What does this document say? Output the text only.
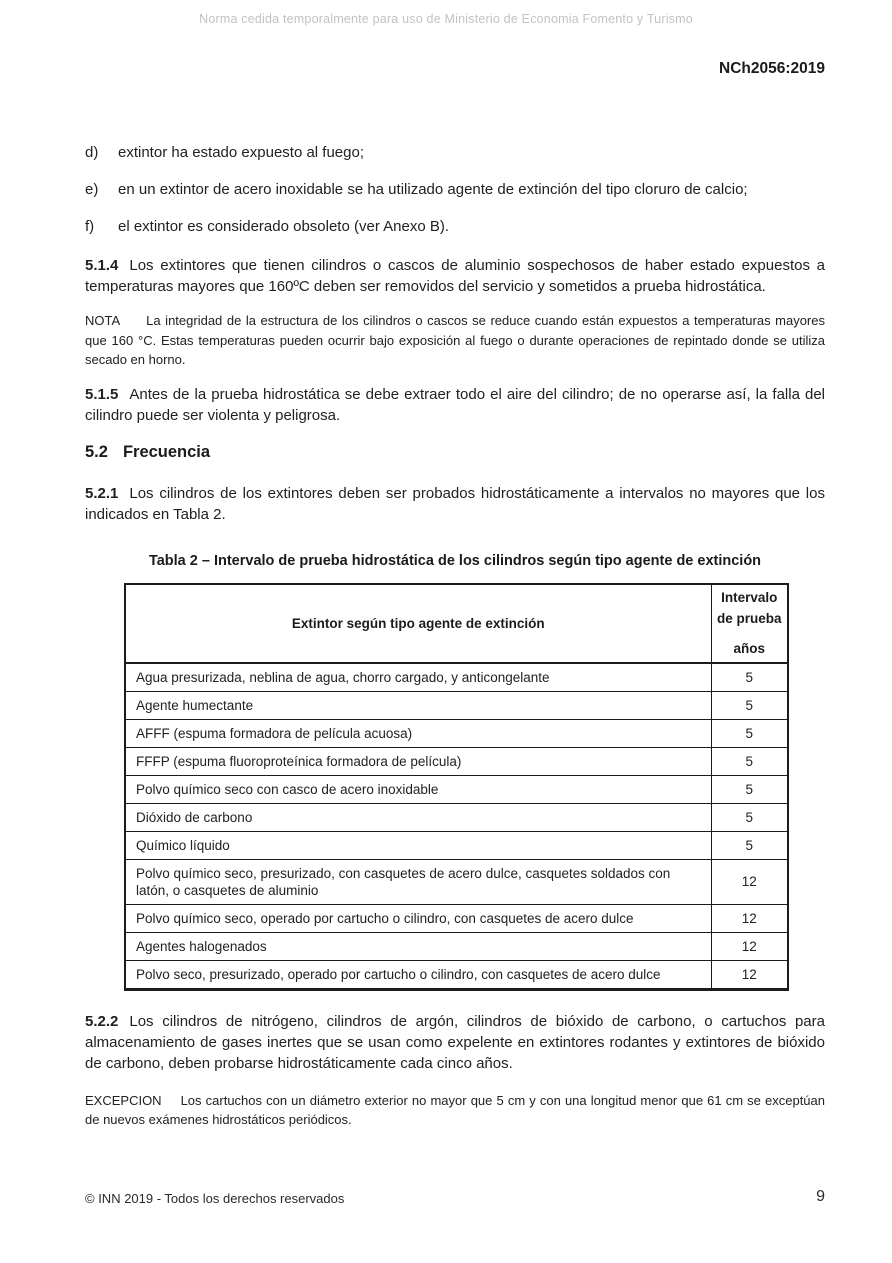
Norma cedida temporalmente para uso de Ministerio de Economia Fomento y Turismo
NCh2056:2019
d)	extintor ha estado expuesto al fuego;
e)	en un extintor de acero inoxidable se ha utilizado agente de extinción del tipo cloruro de calcio;
f)	el extintor es considerado obsoleto (ver Anexo B).

5.1.4 Los extintores que tienen cilindros o cascos de aluminio sospechosos de haber estado expuestos a temperaturas mayores que 160ºC deben ser removidos del servicio y sometidos a prueba hidrostática.

NOTA La integridad de la estructura de los cilindros o cascos se reduce cuando están expuestos a temperaturas mayores que 160 °C. Estas temperaturas pueden ocurrir bajo exposición al fuego o durante operaciones de repintado donde se utiliza secado en horno.

5.1.5 Antes de la prueba hidrostática se debe extraer todo el aire del cilindro; de no operarse así, la falla del cilindro puede ser violenta y peligrosa.

5.2 Frecuencia

5.2.1 Los cilindros de los extintores deben ser probados hidrostáticamente a intervalos no mayores que los indicados en Tabla 2.

Tabla 2 – Intervalo de prueba hidrostática de los cilindros según tipo agente de extinción
Extintor según tipo agente de extinción	Intervalo de prueba
años

Agua presurizada, neblina de agua, chorro cargado, y anticongelante	5
Agente humectante	5
AFFF (espuma formadora de película acuosa)	5
FFFP (espuma fluoroproteínica formadora de película)	5
Polvo químico seco con casco de acero inoxidable	5
Dióxido de carbono	5
Químico líquido	5
Polvo químico seco, presurizado, con casquetes de acero dulce, casquetes soldados con latón, o casquetes de aluminio	12
Polvo químico seco, operado por cartucho o cilindro, con casquetes de acero dulce	12
Agentes halogenados	12
Polvo seco, presurizado, operado por cartucho o cilindro, con casquetes de acero dulce	12

5.2.2 Los cilindros de nitrógeno, cilindros de argón, cilindros de bióxido de carbono, o cartuchos para almacenamiento de gases inertes que se usan como expelente en extintores rodantes y extintores de bióxido de carbono, deben probarse hidrostáticamente cada cinco años.

EXCEPCION Los cartuchos con un diámetro exterior no mayor que 5 cm y con una longitud menor que 61 cm se exceptúan de nuevos exámenes hidrostáticos periódicos.

© INN 2019 - Todos los derechos reservados	9
